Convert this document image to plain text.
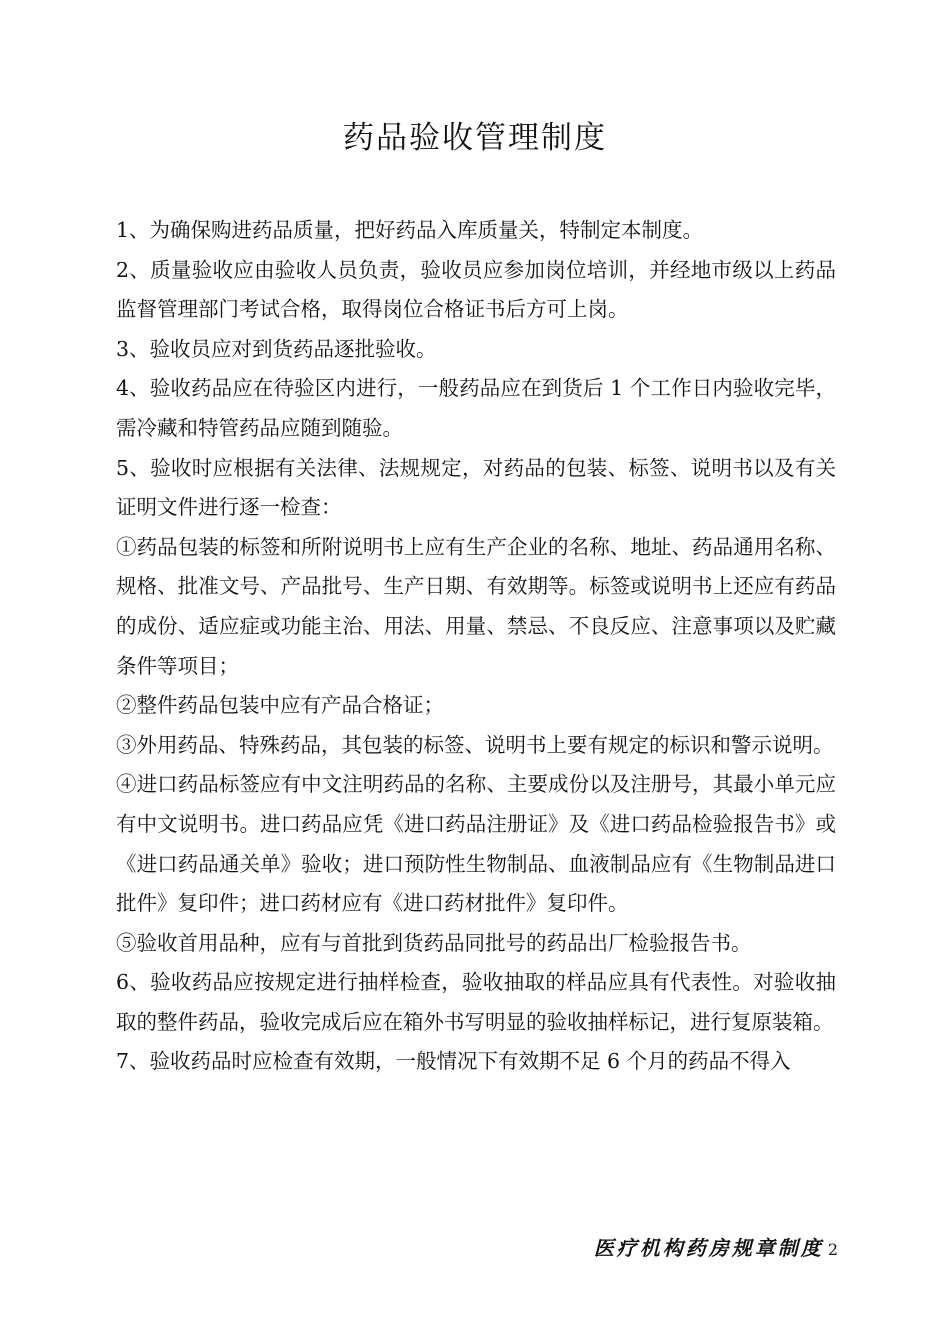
药品验收管理制度

1、为确保购进药品质量，把好药品入库质量关，特制定本制度。

2、质量验收应由验收人员负责，验收员应参加岗位培训，并经地市级以上药品监督管理部门考试合格，取得岗位合格证书后方可上岗。

3、验收员应对到货药品逐批验收。

4、验收药品应在待验区内进行，一般药品应在到货后 1 个工作日内验收完毕，需冷藏和特管药品应随到随验。

5、验收时应根据有关法律、法规规定，对药品的包装、标签、说明书以及有关证明文件进行逐一检查：

①药品包装的标签和所附说明书上应有生产企业的名称、地址、药品通用名称、规格、批准文号、产品批号、生产日期、有效期等。标签或说明书上还应有药品的成份、适应症或功能主治、用法、用量、禁忌、不良反应、注意事项以及贮藏条件等项目；

②整件药品包装中应有产品合格证；

③外用药品、特殊药品，其包装的标签、说明书上要有规定的标识和警示说明。

④进口药品标签应有中文注明药品的名称、主要成份以及注册号，其最小单元应有中文说明书。进口药品应凭《进口药品注册证》及《进口药品检验报告书》或《进口药品通关单》验收；进口预防性生物制品、血液制品应有《生物制品进口批件》复印件；进口药材应有《进口药材批件》复印件。

⑤验收首用品种，应有与首批到货药品同批号的药品出厂检验报告书。

6、验收药品应按规定进行抽样检查，验收抽取的样品应具有代表性。对验收抽取的整件药品，验收完成后应在箱外书写明显的验收抽样标记，进行复原装箱。

7、验收药品时应检查有效期，一般情况下有效期不足 6 个月的药品不得入

医疗机构药房规章制度 2
